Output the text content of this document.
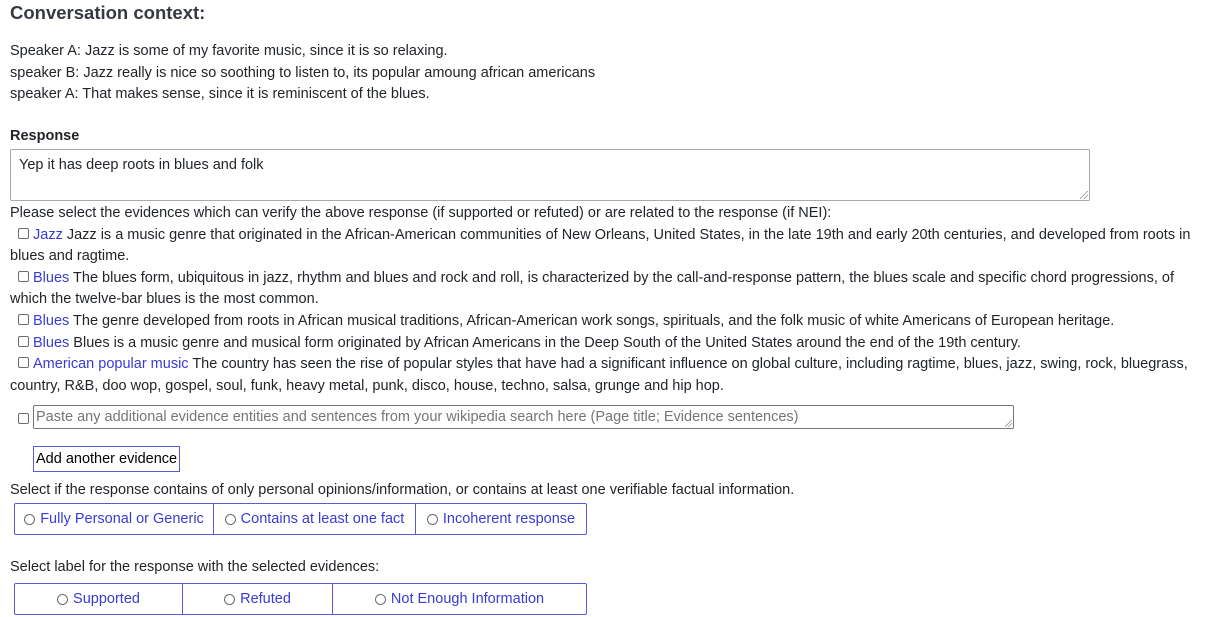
Conversation context:
Speaker A: Jazz is some of my favorite music, since it is so relaxing.
speaker B: Jazz really is nice so soothing to listen to, its popular amoung african americans
speaker A: That makes sense, since it is reminiscent of the blues.
Response
Yep it has deep roots in blues and folk
Please select the evidences which can verify the above response (if supported or refuted) or are related to the response (if NEI):
Jazz Jazz is a music genre that originated in the African-American communities of New Orleans, United States, in the late 19th and early 20th centuries, and developed from roots in blues and ragtime.
Blues The blues form, ubiquitous in jazz, rhythm and blues and rock and roll, is characterized by the call-and-response pattern, the blues scale and specific chord progressions, of which the twelve-bar blues is the most common.
Blues The genre developed from roots in African musical traditions, African-American work songs, spirituals, and the folk music of white Americans of European heritage.
Blues Blues is a music genre and musical form originated by African Americans in the Deep South of the United States around the end of the 19th century.
American popular music The country has seen the rise of popular styles that have had a significant influence on global culture, including ragtime, blues, jazz, swing, rock, bluegrass, country, R&B, doo wop, gospel, soul, funk, heavy metal, punk, disco, house, techno, salsa, grunge and hip hop.
Paste any additional evidence entities and sentences from your wikipedia search here (Page title; Evidence sentences)
Add another evidence
Select if the response contains of only personal opinions/information, or contains at least one verifiable factual information.
Fully Personal or Generic	Contains at least one fact	Incoherent response
Select label for the response with the selected evidences:
Supported	Refuted	Not Enough Information
